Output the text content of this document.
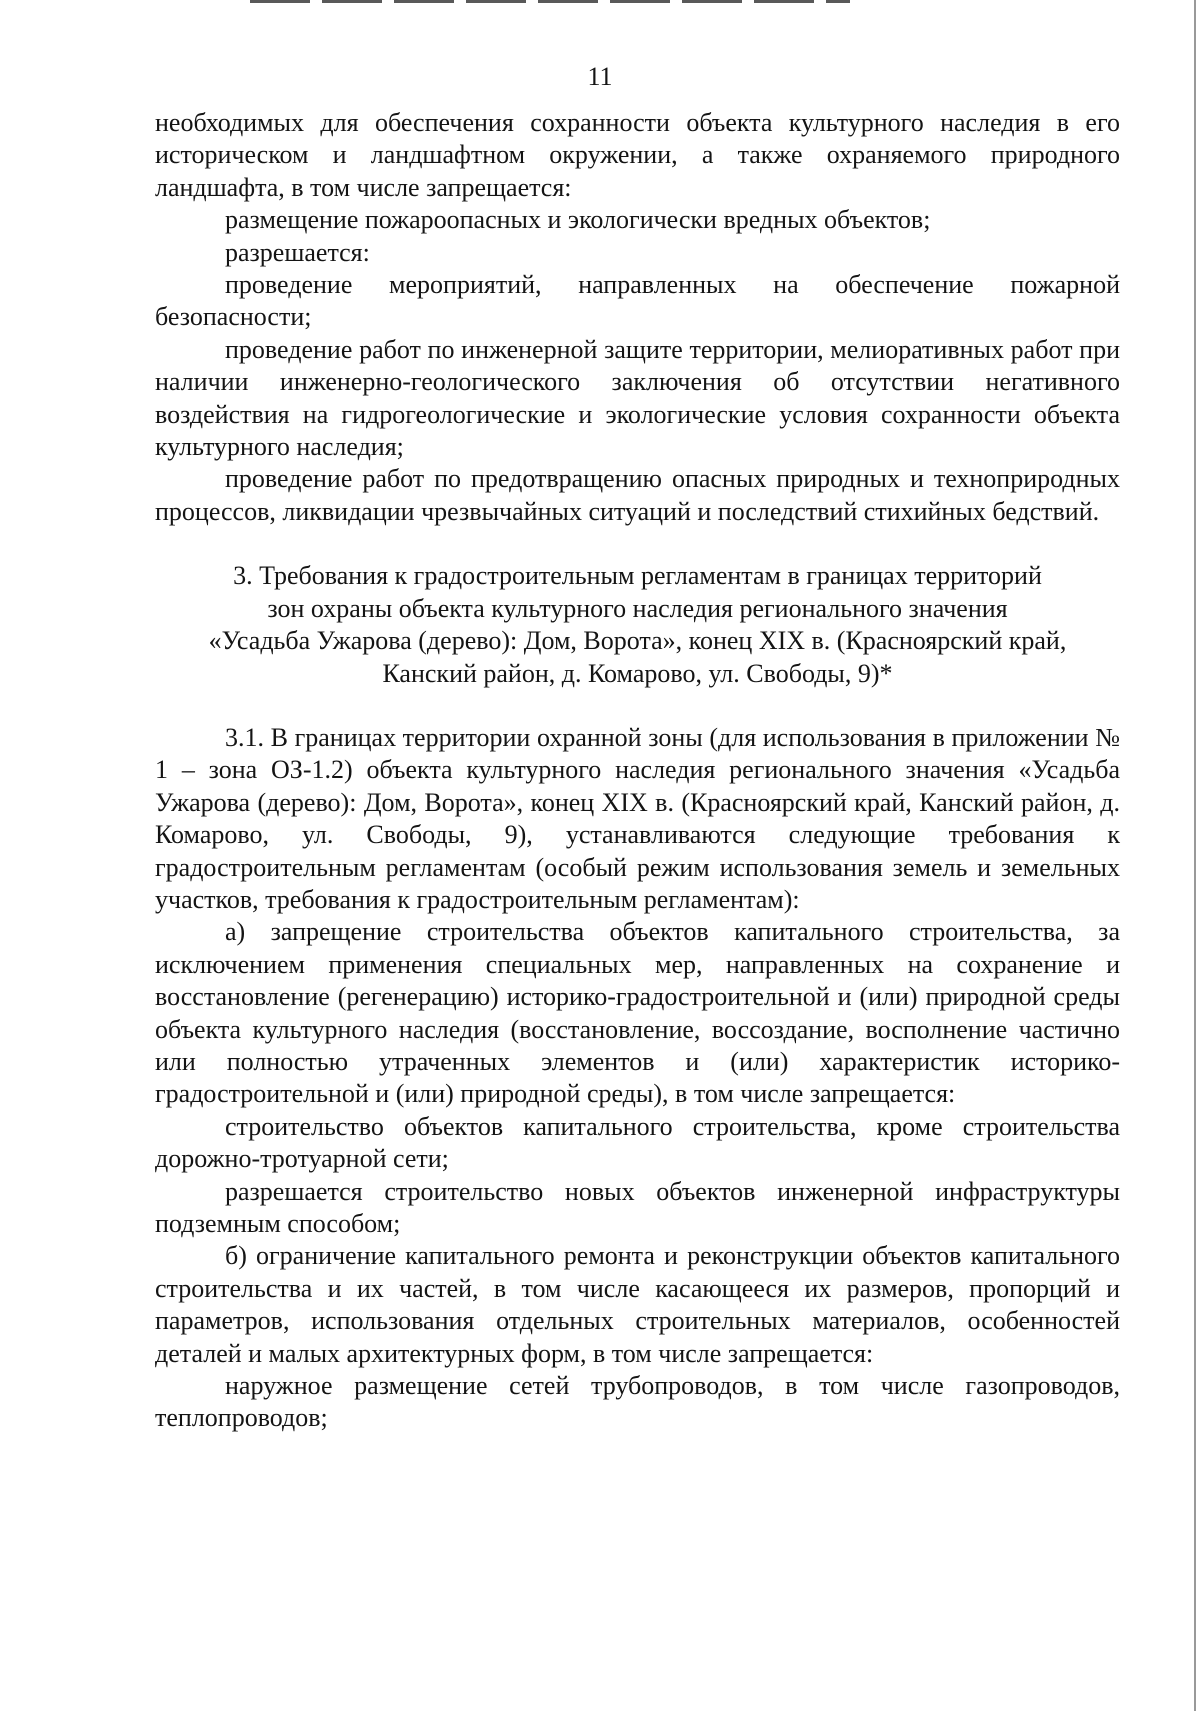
11

необходимых для обеспечения сохранности объекта культурного наследия в его историческом и ландшафтном окружении, а также охраняемого природного ландшафта, в том числе запрещается:

размещение пожароопасных и экологически вредных объектов;

разрешается:

проведение мероприятий, направленных на обеспечение пожарной безопасности;

проведение работ по инженерной защите территории, мелиоративных работ при наличии инженерно-геологического заключения об отсутствии негативного воздействия на гидрогеологические и экологические условия сохранности объекта культурного наследия;

проведение работ по предотвращению опасных природных и техноприродных процессов, ликвидации чрезвычайных ситуаций и последствий стихийных бедствий.

3. Требования к градостроительным регламентам в границах территорий
зон охраны объекта культурного наследия регионального значения
«Усадьба Ужарова (дерево): Дом, Ворота», конец XIX в. (Красноярский край,
Канский район, д. Комарово, ул. Свободы, 9)*

3.1. В границах территории охранной зоны (для использования в приложении № 1 – зона ОЗ-1.2) объекта культурного наследия регионального значения «Усадьба Ужарова (дерево): Дом, Ворота», конец XIX в. (Красноярский край, Канский район, д. Комарово, ул. Свободы, 9), устанавливаются следующие требования к градостроительным регламентам (особый режим использования земель и земельных участков, требования к градостроительным регламентам):

а) запрещение строительства объектов капитального строительства, за исключением применения специальных мер, направленных на сохранение и восстановление (регенерацию) историко-градостроительной и (или) природной среды объекта культурного наследия (восстановление, воссоздание, восполнение частично или полностью утраченных элементов и (или) характеристик историко-градостроительной и (или) природной среды), в том числе запрещается:

строительство объектов капитального строительства, кроме строительства дорожно-тротуарной сети;

разрешается строительство новых объектов инженерной инфраструктуры подземным способом;

б) ограничение капитального ремонта и реконструкции объектов капитального строительства и их частей, в том числе касающееся их размеров, пропорций и параметров, использования отдельных строительных материалов, особенностей деталей и малых архитектурных форм, в том числе запрещается:

наружное размещение сетей трубопроводов, в том числе газопроводов, теплопроводов;
